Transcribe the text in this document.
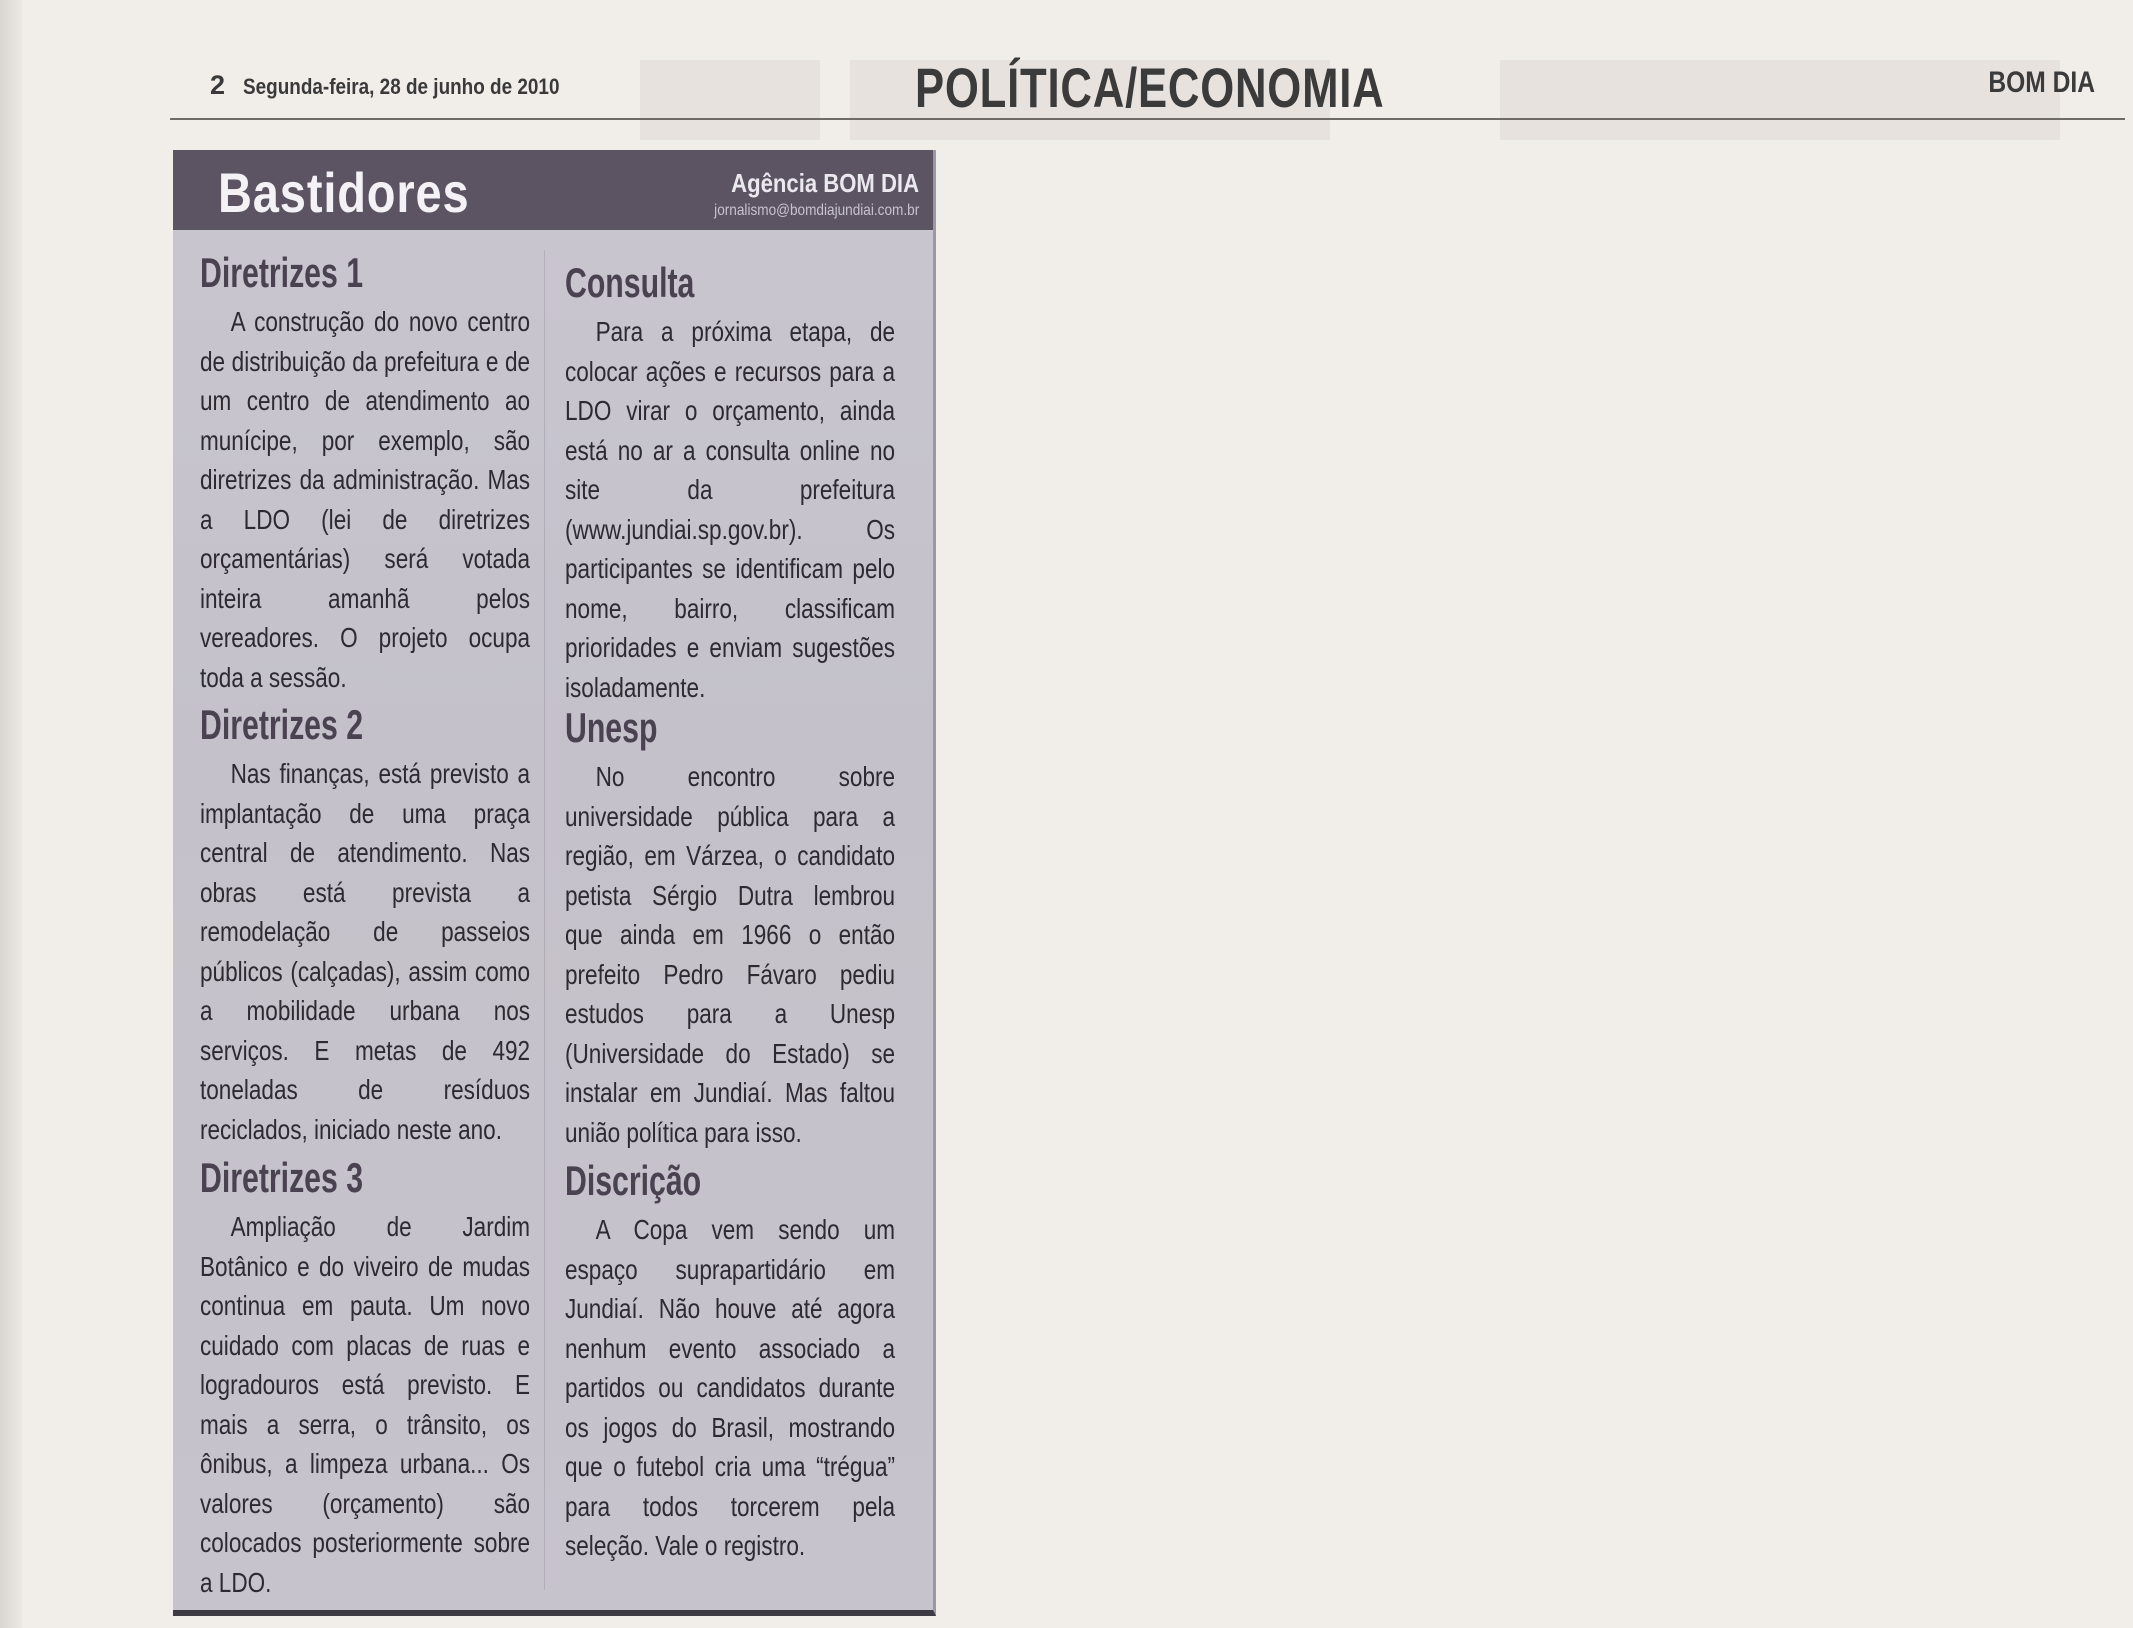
2 Segunda-feira, 28 de junho de 2010	POLÍTICA/ECONOMIA	BOM DIA
Bastidores	Agência BOM DIA
jornalismo@bomdiajundiai.com.br
Diretrizes 1

A construção do novo centro de distribuição da prefeitura e de um centro de atendimento ao munícipe, por exemplo, são diretrizes da administração. Mas a LDO (lei de diretrizes orçamentárias) será votada inteira amanhã pelos vereadores. O projeto ocupa toda a sessão.

Consulta

Para a próxima etapa, de colocar ações e recursos para a LDO virar o orçamento, ainda está no ar a consulta online no site da prefeitura (www.jundiai.sp.gov.br). Os participantes se identificam pelo nome, bairro, classificam prioridades e enviam sugestões isoladamente.

Diretrizes 2

Nas finanças, está previsto a implantação de uma praça central de atendimento. Nas obras está prevista a remodelação de passeios públicos (calçadas), assim como a mobilidade urbana nos serviços. E metas de 492 toneladas de resíduos reciclados, iniciado neste ano.

Unesp

No encontro sobre universidade pública para a região, em Várzea, o candidato petista Sérgio Dutra lembrou que ainda em 1966 o então prefeito Pedro Fávaro pediu estudos para a Unesp (Universidade do Estado) se instalar em Jundiaí. Mas faltou união política para isso.

Diretrizes 3

Ampliação de Jardim Botânico e do viveiro de mudas continua em pauta. Um novo cuidado com placas de ruas e logradouros está previsto. E mais a serra, o trânsito, os ônibus, a limpeza urbana... Os valores (orçamento) são colocados posteriormente sobre a LDO.

Discrição

A Copa vem sendo um espaço suprapartidário em Jundiaí. Não houve até agora nenhum evento associado a partidos ou candidatos durante os jogos do Brasil, mostrando que o futebol cria uma “trégua” para todos torcerem pela seleção. Vale o registro.
